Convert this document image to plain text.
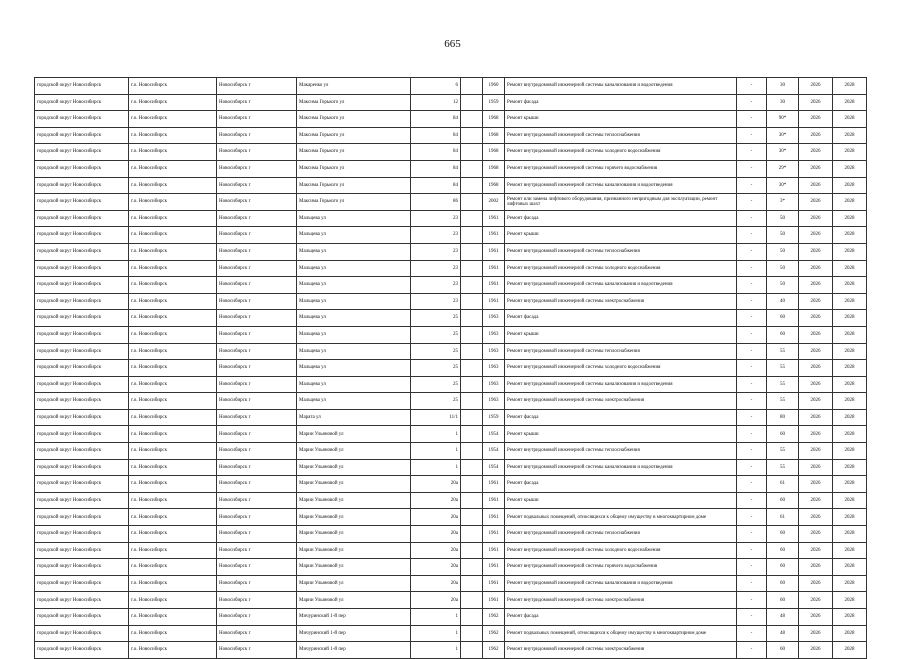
665
городской округ Новосибирск	г.о. Новосибирск	Новосибирск г	Макаренко ул	6		1960	Ремонт внутридомовой инженерной системы канализования и водоотведения	-	30	2026	2028
городской округ Новосибирск	г.о. Новосибирск	Новосибирск г	Максима Горького ул	12		1959	Ремонт фасада	-	30	2026	2028
городской округ Новосибирск	г.о. Новосибирск	Новосибирск г	Максима Горького ул	84		1968	Ремонт крыши	-	90*	2026	2028
городской округ Новосибирск	г.о. Новосибирск	Новосибирск г	Максима Горького ул	84		1968	Ремонт внутридомовой инженерной системы теплоснабжения	-	30*	2026	2028
городской округ Новосибирск	г.о. Новосибирск	Новосибирск г	Максима Горького ул	84		1968	Ремонт внутридомовой инженерной системы холодного водоснабжения	-	30*	2026	2028
городской округ Новосибирск	г.о. Новосибирск	Новосибирск г	Максима Горького ул	84		1968	Ремонт внутридомовой инженерной системы горячего водоснабжения	-	29*	2026	2028
городской округ Новосибирск	г.о. Новосибирск	Новосибирск г	Максима Горького ул	84		1968	Ремонт внутридомовой инженерной системы канализования и водоотведения	-	30*	2026	2028
городской округ Новосибирск	г.о. Новосибирск	Новосибирск г	Максима Горького ул	86		2002	Ремонт или замена лифтового оборудования, признанного непригодным для эксплуатации, ремонт лифтовых шахт	-	3*	2026	2028
городской округ Новосибирск	г.о. Новосибирск	Новосибирск г	Мальцева ул	23		1961	Ремонт фасада	-	50	2026	2028
городской округ Новосибирск	г.о. Новосибирск	Новосибирск г	Мальцева ул	23		1961	Ремонт крыши	-	50	2026	2028
городской округ Новосибирск	г.о. Новосибирск	Новосибирск г	Мальцева ул	23		1961	Ремонт внутридомовой инженерной системы теплоснабжения	-	50	2026	2028
городской округ Новосибирск	г.о. Новосибирск	Новосибирск г	Мальцева ул	23		1961	Ремонт внутридомовой инженерной системы холодного водоснабжения	-	50	2026	2028
городской округ Новосибирск	г.о. Новосибирск	Новосибирск г	Мальцева ул	23		1961	Ремонт внутридомовой инженерной системы канализования и водоотведения	-	50	2026	2028
городской округ Новосибирск	г.о. Новосибирск	Новосибирск г	Мальцева ул	23		1961	Ремонт внутридомовой инженерной системы электроснабжения	-	40	2026	2028
городской округ Новосибирск	г.о. Новосибирск	Новосибирск г	Мальцева ул	25		1963	Ремонт фасада	-	60	2026	2028
городской округ Новосибирск	г.о. Новосибирск	Новосибирск г	Мальцева ул	25		1963	Ремонт крыши	-	60	2026	2028
городской округ Новосибирск	г.о. Новосибирск	Новосибирск г	Мальцева ул	25		1963	Ремонт внутридомовой инженерной системы теплоснабжения	-	55	2026	2028
городской округ Новосибирск	г.о. Новосибирск	Новосибирск г	Мальцева ул	25		1963	Ремонт внутридомовой инженерной системы холодного водоснабжения	-	55	2026	2028
городской округ Новосибирск	г.о. Новосибирск	Новосибирск г	Мальцева ул	25		1963	Ремонт внутридомовой инженерной системы канализования и водоотведения	-	55	2026	2028
городской округ Новосибирск	г.о. Новосибирск	Новосибирск г	Мальцева ул	25		1963	Ремонт внутридомовой инженерной системы электроснабжения	-	55	2026	2028
городской округ Новосибирск	г.о. Новосибирск	Новосибирск г	Марата ул	11/1		1959	Ремонт фасада	-	80	2026	2028
городской округ Новосибирск	г.о. Новосибирск	Новосибирск г	Марии Ульяновой ул	1		1954	Ремонт крыши	-	60	2026	2028
городской округ Новосибирск	г.о. Новосибирск	Новосибирск г	Марии Ульяновой ул	1		1954	Ремонт внутридомовой инженерной системы теплоснабжения	-	55	2026	2028
городской округ Новосибирск	г.о. Новосибирск	Новосибирск г	Марии Ульяновой ул	1		1954	Ремонт внутридомовой инженерной системы канализования и водоотведения	-	55	2026	2028
городской округ Новосибирск	г.о. Новосибирск	Новосибирск г	Марии Ульяновой ул	20а		1961	Ремонт фасада	-	61	2026	2028
городской округ Новосибирск	г.о. Новосибирск	Новосибирск г	Марии Ульяновой ул	20а		1961	Ремонт крыши	-	60	2026	2028
городской округ Новосибирск	г.о. Новосибирск	Новосибирск г	Марии Ульяновой ул	20а		1961	Ремонт подвальных помещений, относящихся к общему имуществу в многоквартирном доме	-	61	2026	2028
городской округ Новосибирск	г.о. Новосибирск	Новосибирск г	Марии Ульяновой ул	20а		1961	Ремонт внутридомовой инженерной системы теплоснабжения	-	60	2026	2028
городской округ Новосибирск	г.о. Новосибирск	Новосибирск г	Марии Ульяновой ул	20а		1961	Ремонт внутридомовой инженерной системы холодного водоснабжения	-	60	2026	2028
городской округ Новосибирск	г.о. Новосибирск	Новосибирск г	Марии Ульяновой ул	20а		1961	Ремонт внутридомовой инженерной системы горячего водоснабжения	-	60	2026	2028
городской округ Новосибирск	г.о. Новосибирск	Новосибирск г	Марии Ульяновой ул	20а		1961	Ремонт внутридомовой инженерной системы канализования и водоотведения	-	60	2026	2028
городской округ Новосибирск	г.о. Новосибирск	Новосибирск г	Марии Ульяновой ул	20а		1961	Ремонт внутридомовой инженерной системы электроснабжения	-	60	2026	2028
городской округ Новосибирск	г.о. Новосибирск	Новосибирск г	Мичуринский 1-й пер	1		1962	Ремонт фасада	-	48	2026	2028
городской округ Новосибирск	г.о. Новосибирск	Новосибирск г	Мичуринский 1-й пер	1		1962	Ремонт подвальных помещений, относящихся к общему имуществу в многоквартирном доме	-	48	2026	2028
городской округ Новосибирск	г.о. Новосибирск	Новосибирск г	Мичуринский 1-й пер	1		1962	Ремонт внутридомовой инженерной системы электроснабжения	-	60	2026	2028
